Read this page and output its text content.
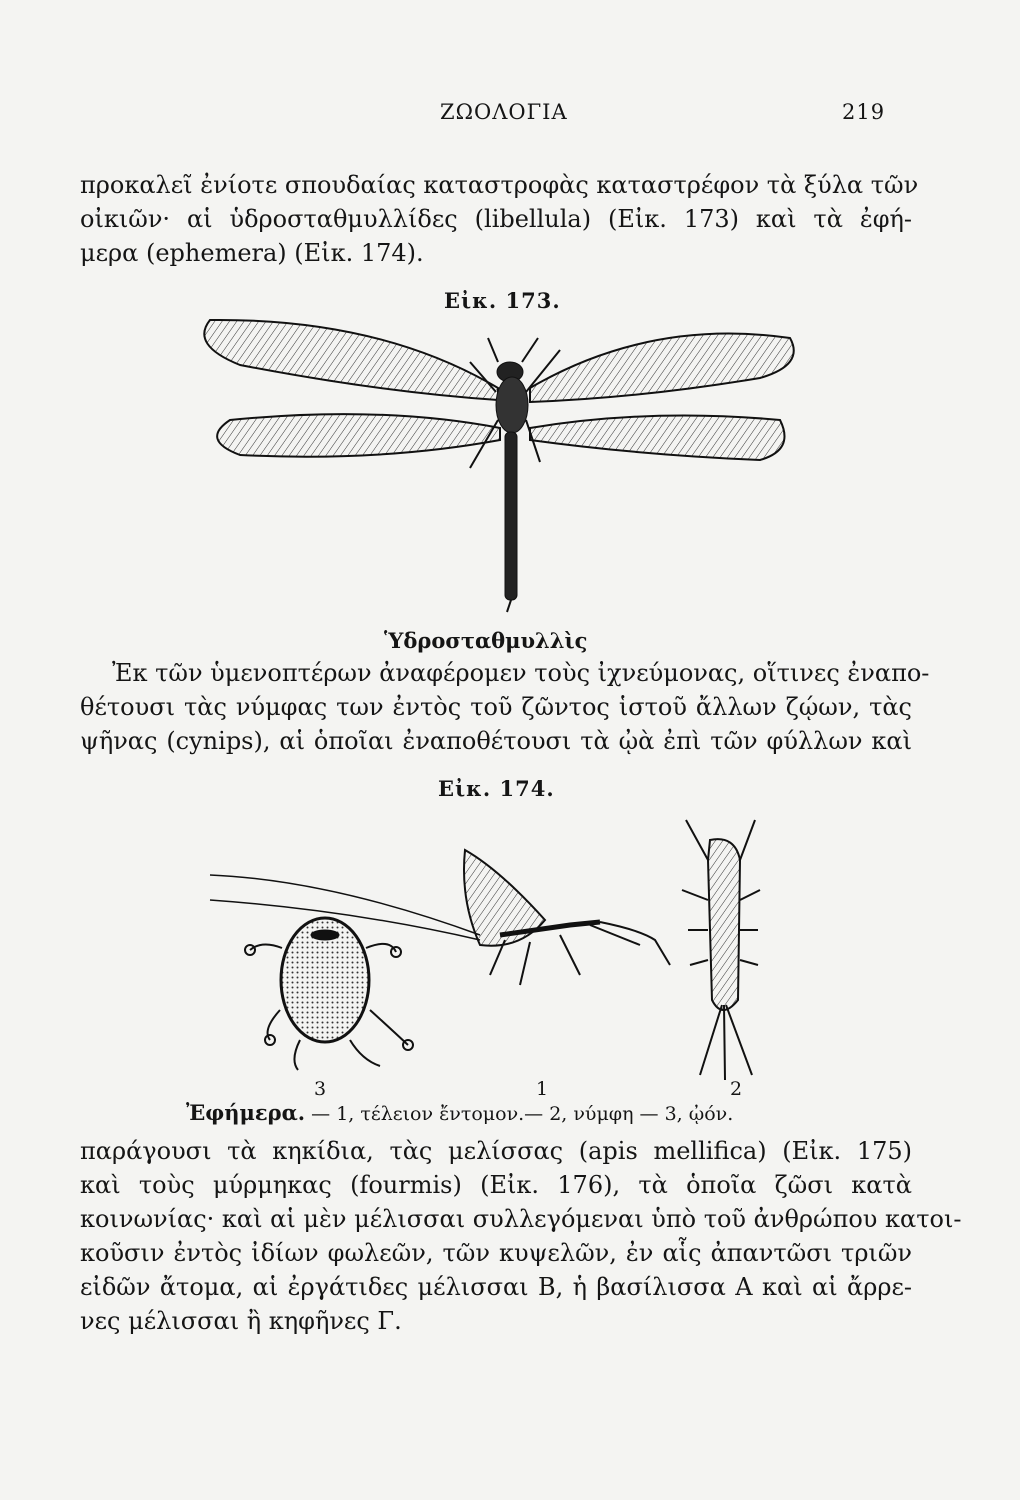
ΖΩΟΛΟΓΙΑ	219
προκαλεῖ ἐνίοτε σπουδαίας καταστροφὰς καταστρέφον τὰ ξύλα τῶν
οἰκιῶν· αἱ ὑδροσταθμυλλίδες (libellula) (Εἰκ. 173) καὶ τὰ ἐφή-
μερα (ephemera) (Εἰκ. 174).
Εἰκ. 173.
Ὑδροσταθμυλλὶς
Ἐκ τῶν ὑμενοπτέρων ἀναφέρομεν τοὺς ἰχνεύμονας, οἵτινες ἐναπο-
θέτουσι τὰς νύμφας των ἐντὸς τοῦ ζῶντος ἱστοῦ ἄλλων ζῴων, τὰς
ψῆνας (cynips), αἱ ὁποῖαι ἐναποθέτουσι τὰ ᾠὰ ἐπὶ τῶν φύλλων καὶ
Εἰκ. 174.
3	1	2
Ἐφήμερα. — 1, τέλειον ἔντομον.— 2, νύμφη — 3, ᾠόν.
παράγουσι τὰ κηκίδια, τὰς μελίσσας (apis mellifica) (Εἰκ. 175)
καὶ τοὺς μύρμηκας (fourmis) (Εἰκ. 176), τὰ ὁποῖα ζῶσι κατὰ
κοινωνίας· καὶ αἱ μὲν μέλισσαι συλλεγόμεναι ὑπὸ τοῦ ἀνθρώπου κατοι-
κοῦσιν ἐντὸς ἰδίων φωλεῶν, τῶν κυψελῶν, ἐν αἷς ἀπαντῶσι τριῶν
εἰδῶν ἄτομα, αἱ ἐργάτιδες μέλισσαι Β, ἡ βασίλισσα Α καὶ αἱ ἄρρε-
νες μέλισσαι ἢ κηφῆνες Γ.
